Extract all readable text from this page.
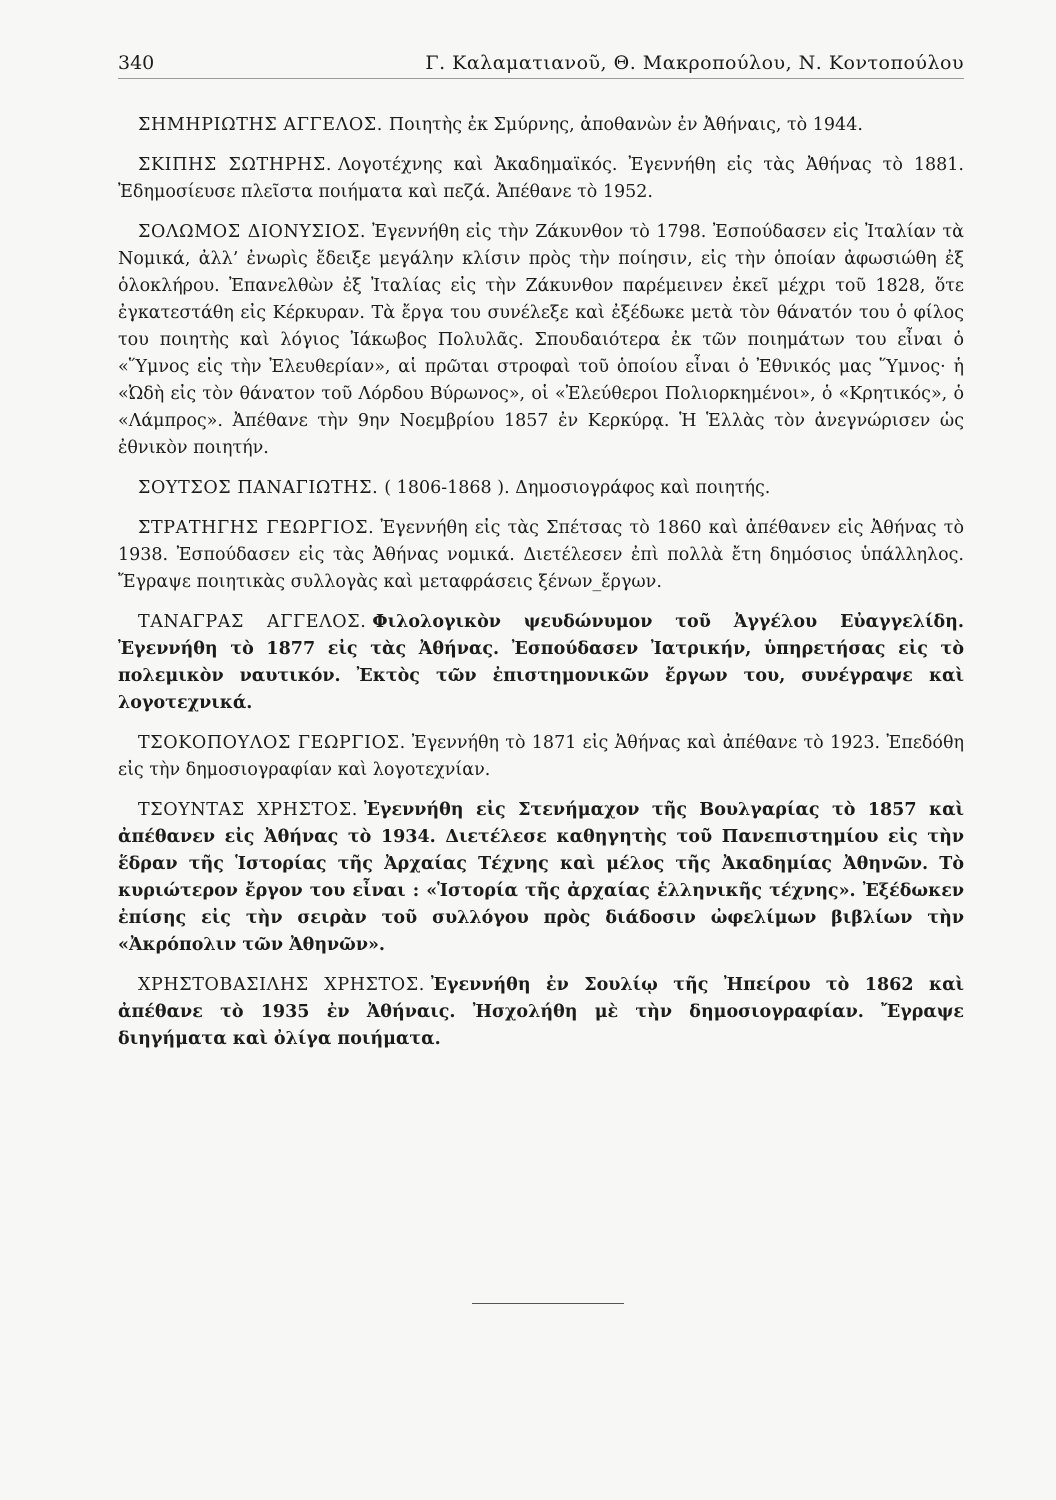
340	Γ. Καλαματιανοῦ, Θ. Μακροπούλου, Ν. Κοντοπούλου

ΣΗΜΗΡΙΩΤΗΣ ΑΓΓΕΛΟΣ. Ποιητὴς ἐκ Σμύρνης, ἀποθανὼν ἐν Ἀθήναις, τὸ 1944.

ΣΚΙΠΗΣ ΣΩΤΗΡΗΣ. Λογοτέχνης καὶ Ἀκαδημαϊκός. Ἐγεννήθη εἰς τὰς Ἀθήνας τὸ 1881. Ἐδημοσίευσε πλεῖστα ποιήματα καὶ πεζά. Ἀπέθανε τὸ 1952.

ΣΟΛΩΜΟΣ ΔΙΟΝΥΣΙΟΣ. Ἐγεννήθη εἰς τὴν Ζάκυνθον τὸ 1798. Ἐσπούδασεν εἰς Ἰταλίαν τὰ Νομικά, ἀλλ’ ἐνωρὶς ἔδειξε μεγάλην κλίσιν πρὸς τὴν ποίησιν, εἰς τὴν ὁποίαν ἀφωσιώθη ἐξ ὁλοκλήρου. Ἐπανελθὼν ἐξ Ἰταλίας εἰς τὴν Ζάκυνθον παρέμεινεν ἐκεῖ μέχρι τοῦ 1828, ὅτε ἐγκατεστάθη εἰς Κέρκυραν. Τὰ ἔργα του συνέλεξε καὶ ἐξέδωκε μετὰ τὸν θάνατόν του ὁ φίλος του ποιητὴς καὶ λόγιος Ἰάκωβος Πολυλᾶς. Σπουδαιότερα ἐκ τῶν ποιημάτων του εἶναι ὁ «Ὕμνος εἰς τὴν Ἐλευθερίαν», αἱ πρῶται στροφαὶ τοῦ ὁποίου εἶναι ὁ Ἐθνικός μας Ὕμνος· ἡ «Ὠδὴ εἰς τὸν θάνατον τοῦ Λόρδου Βύρωνος», οἱ «Ἐλεύθεροι Πολιορκημένοι», ὁ «Κρητικός», ὁ «Λάμπρος». Ἀπέθανε τὴν 9ην Νοεμβρίου 1857 ἐν Κερκύρᾳ. Ἡ Ἑλλὰς τὸν ἀνεγνώρισεν ὡς ἐθνικὸν ποιητήν.

ΣΟΥΤΣΟΣ ΠΑΝΑΓΙΩΤΗΣ. ( 1806-1868 ). Δημοσιογράφος καὶ ποιητής.

ΣΤΡΑΤΗΓΗΣ ΓΕΩΡΓΙΟΣ. Ἐγεννήθη εἰς τὰς Σπέτσας τὸ 1860 καὶ ἀπέθανεν εἰς Ἀθήνας τὸ 1938. Ἐσπούδασεν εἰς τὰς Ἀθήνας νομικά. Διετέλεσεν ἐπὶ πολλὰ ἔτη δημόσιος ὑπάλληλος. Ἔγραψε ποιητικὰς συλλογὰς καὶ μεταφράσεις ξένων_ἔργων.

ΤΑΝΑΓΡΑΣ ΑΓΓΕΛΟΣ. Φιλολογικὸν ψευδώνυμον τοῦ Ἀγγέλου Εὐαγγελίδη. Ἐγεννήθη τὸ 1877 εἰς τὰς Ἀθήνας. Ἐσπούδασεν Ἰατρικήν, ὑπηρετήσας εἰς τὸ πολεμικὸν ναυτικόν. Ἐκτὸς τῶν ἐπιστημονικῶν ἔργων του, συνέγραψε καὶ λογοτεχνικά.

ΤΣΟΚΟΠΟΥΛΟΣ ΓΕΩΡΓΙΟΣ. Ἐγεννήθη τὸ 1871 εἰς Ἀθήνας καὶ ἀπέθανε τὸ 1923. Ἐπεδόθη εἰς τὴν δημοσιογραφίαν καὶ λογοτεχνίαν.

ΤΣΟΥΝΤΑΣ ΧΡΗΣΤΟΣ. Ἐγεννήθη εἰς Στενήμαχον τῆς Βουλγαρίας τὸ 1857 καὶ ἀπέθανεν εἰς Ἀθήνας τὸ 1934. Διετέλεσε καθηγητὴς τοῦ Πανεπιστημίου εἰς τὴν ἕδραν τῆς Ἱστορίας τῆς Ἀρχαίας Τέχνης καὶ μέλος τῆς Ἀκαδημίας Ἀθηνῶν. Τὸ κυριώτερον ἔργον του εἶναι : «Ἱστορία τῆς ἀρχαίας ἑλληνικῆς τέχνης». Ἐξέδωκεν ἐπίσης εἰς τὴν σειρὰν τοῦ συλλόγου πρὸς διάδοσιν ὠφελίμων βιβλίων τὴν «Ἀκρόπολιν τῶν Ἀθηνῶν».

ΧΡΗΣΤΟΒΑΣΙΛΗΣ ΧΡΗΣΤΟΣ. Ἐγεννήθη ἐν Σουλίῳ τῆς Ἠπείρου τὸ 1862 καὶ ἀπέθανε τὸ 1935 ἐν Ἀθήναις. Ἠσχολήθη μὲ τὴν δημοσιογραφίαν. Ἔγραψε διηγήματα καὶ ὀλίγα ποιήματα.
